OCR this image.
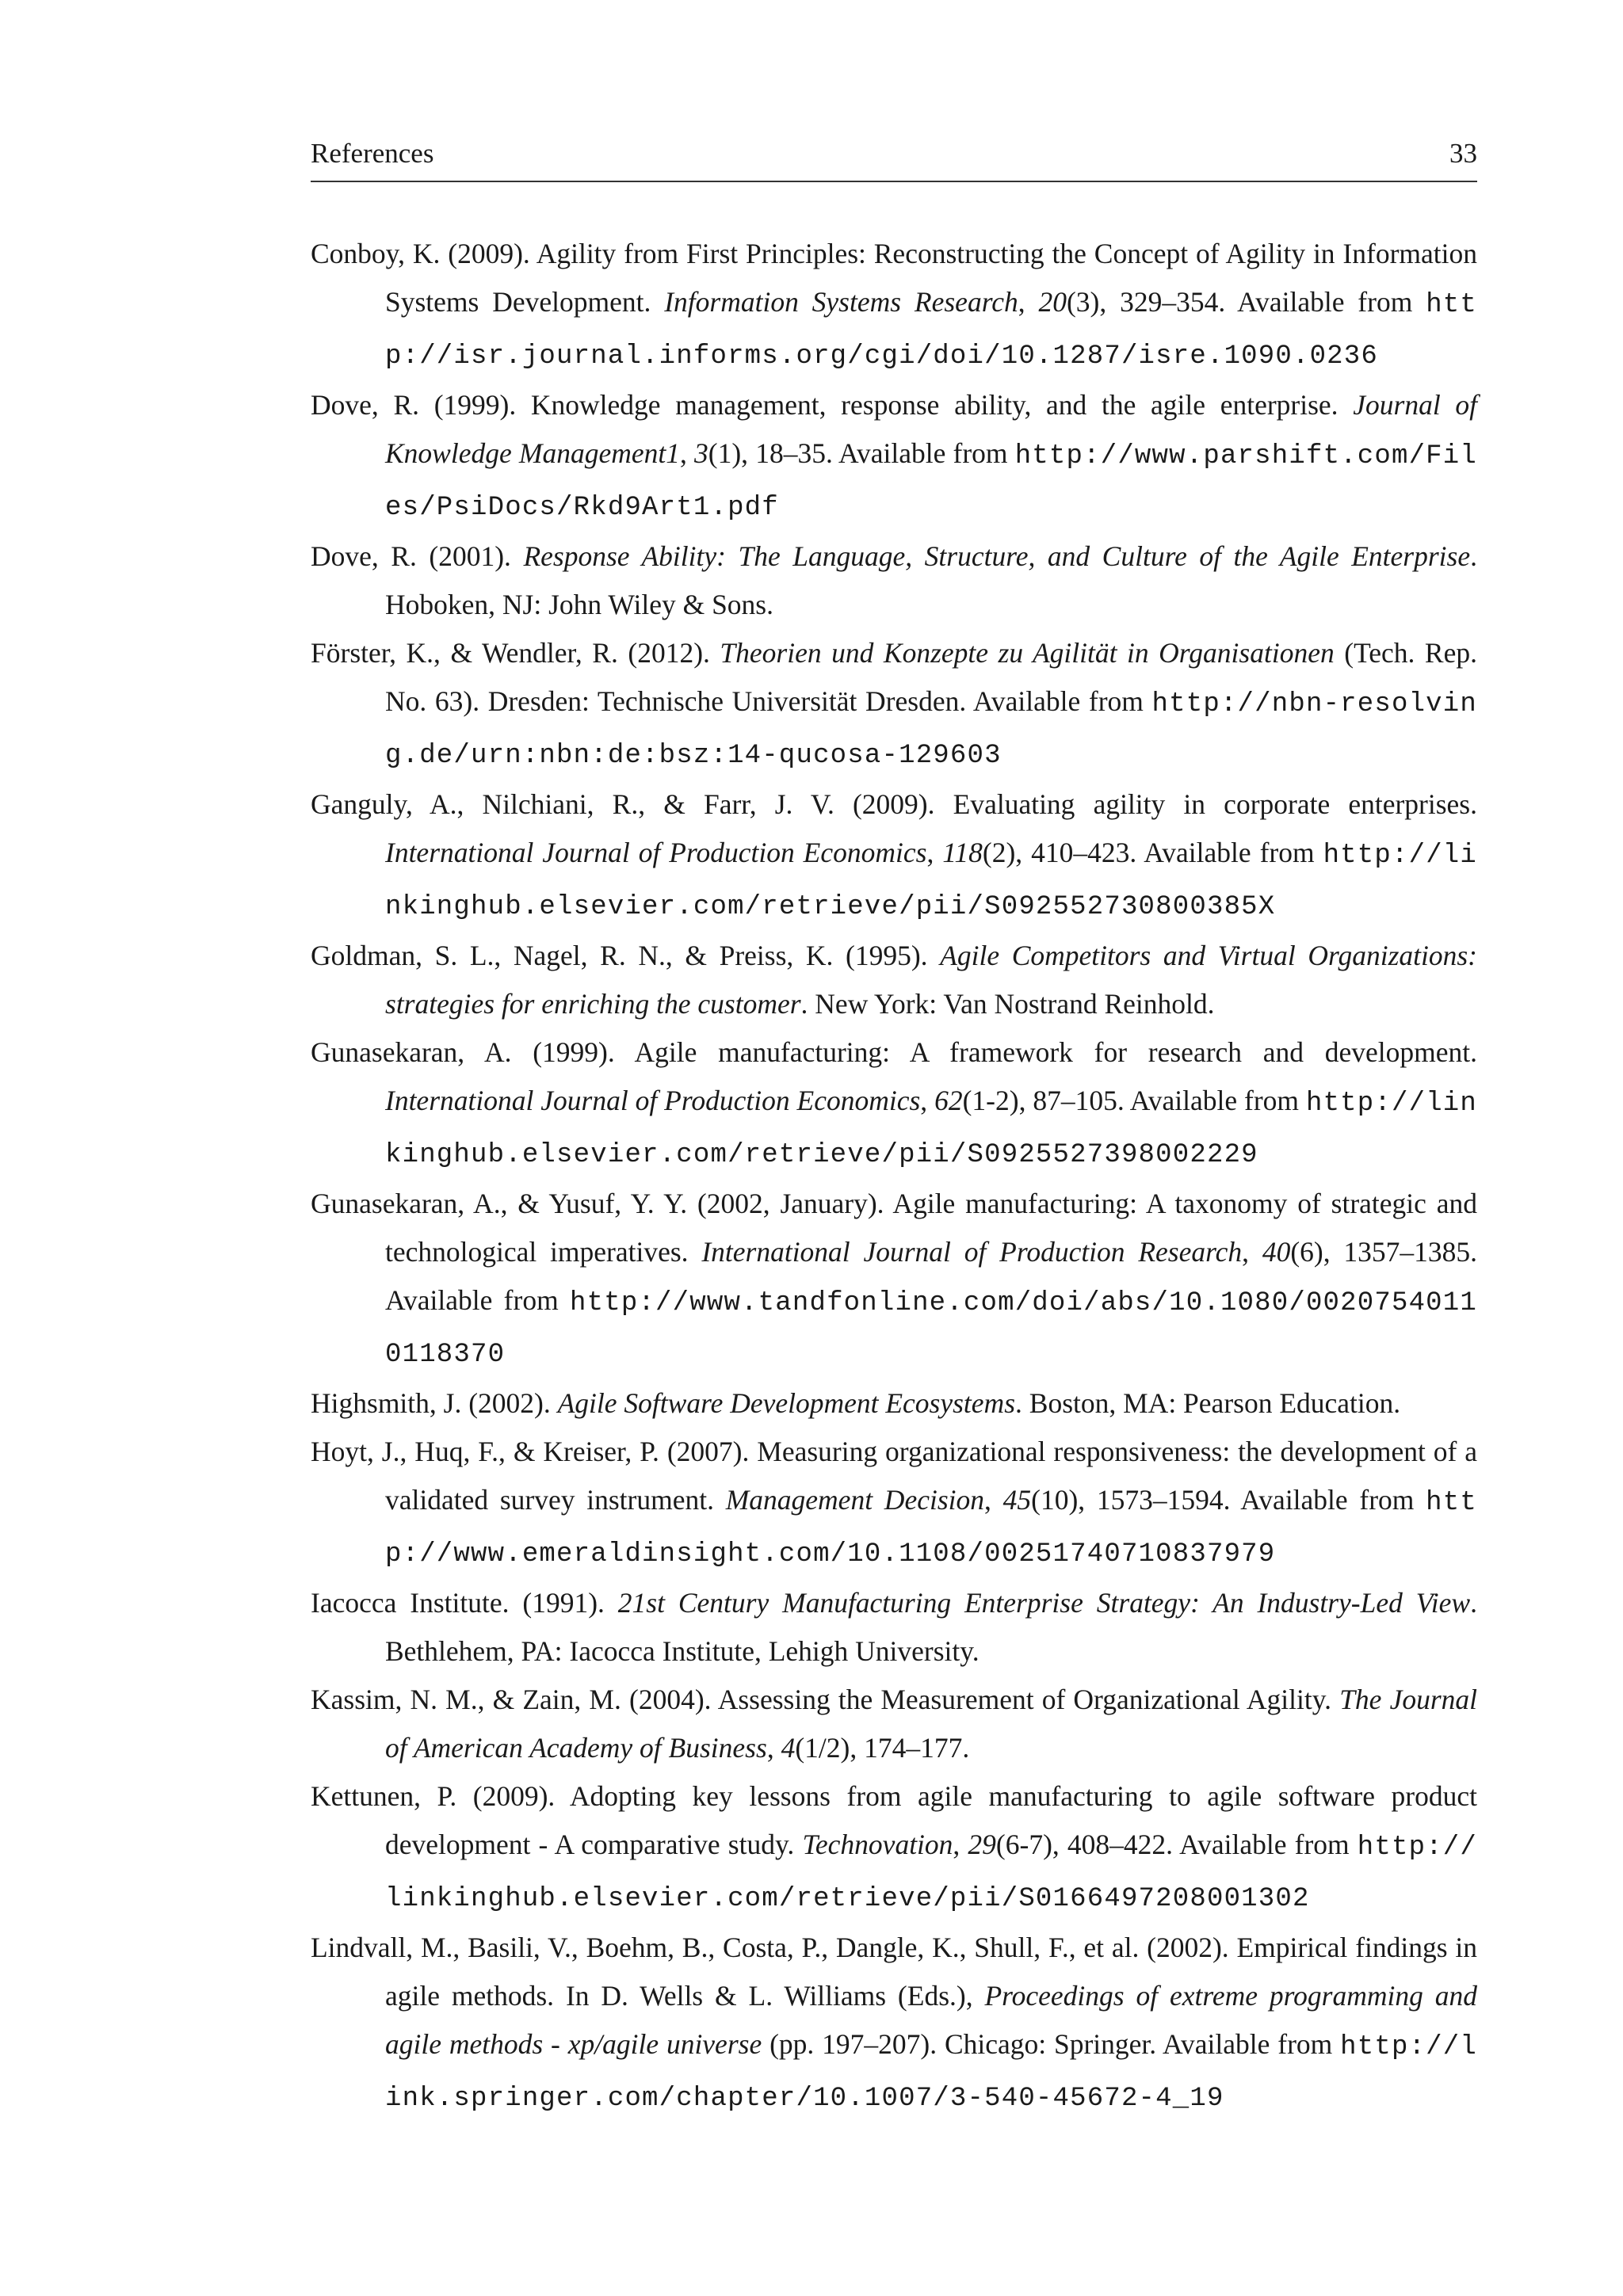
References	33
Conboy, K. (2009). Agility from First Principles: Reconstructing the Concept of Agility in Information Systems Development. Information Systems Research, 20(3), 329–354. Available from http://isr.journal.informs.org/cgi/doi/10.1287/isre.1090.0236
Dove, R. (1999). Knowledge management, response ability, and the agile enterprise. Journal of Knowledge Management1, 3(1), 18–35. Available from http://www.parshift.com/Files/PsiDocs/Rkd9Art1.pdf
Dove, R. (2001). Response Ability: The Language, Structure, and Culture of the Agile Enterprise. Hoboken, NJ: John Wiley & Sons.
Förster, K., & Wendler, R. (2012). Theorien und Konzepte zu Agilität in Organisationen (Tech. Rep. No. 63). Dresden: Technische Universität Dresden. Available from http://nbn-resolving.de/urn:nbn:de:bsz:14-qucosa-129603
Ganguly, A., Nilchiani, R., & Farr, J. V. (2009). Evaluating agility in corporate enterprises. International Journal of Production Economics, 118(2), 410–423. Available from http://linkinghub.elsevier.com/retrieve/pii/S092552730800385X
Goldman, S. L., Nagel, R. N., & Preiss, K. (1995). Agile Competitors and Virtual Organizations: strategies for enriching the customer. New York: Van Nostrand Reinhold.
Gunasekaran, A. (1999). Agile manufacturing: A framework for research and development. International Journal of Production Economics, 62(1-2), 87–105. Available from http://linkinghub.elsevier.com/retrieve/pii/S0925527398002229
Gunasekaran, A., & Yusuf, Y. Y. (2002, January). Agile manufacturing: A taxonomy of strategic and technological imperatives. International Journal of Production Research, 40(6), 1357–1385. Available from http://www.tandfonline.com/doi/abs/10.1080/00207540110118370
Highsmith, J. (2002). Agile Software Development Ecosystems. Boston, MA: Pearson Education.
Hoyt, J., Huq, F., & Kreiser, P. (2007). Measuring organizational responsiveness: the development of a validated survey instrument. Management Decision, 45(10), 1573–1594. Available from http://www.emeraldinsight.com/10.1108/00251740710837979
Iacocca Institute. (1991). 21st Century Manufacturing Enterprise Strategy: An Industry-Led View. Bethlehem, PA: Iacocca Institute, Lehigh University.
Kassim, N. M., & Zain, M. (2004). Assessing the Measurement of Organizational Agility. The Journal of American Academy of Business, 4(1/2), 174–177.
Kettunen, P. (2009). Adopting key lessons from agile manufacturing to agile software product development - A comparative study. Technovation, 29(6-7), 408–422. Available from http://linkinghub.elsevier.com/retrieve/pii/S0166497208001302
Lindvall, M., Basili, V., Boehm, B., Costa, P., Dangle, K., Shull, F., et al. (2002). Empirical findings in agile methods. In D. Wells & L. Williams (Eds.), Proceedings of extreme programming and agile methods - xp/agile universe (pp. 197–207). Chicago: Springer. Available from http://link.springer.com/chapter/10.1007/3-540-45672-4_19
